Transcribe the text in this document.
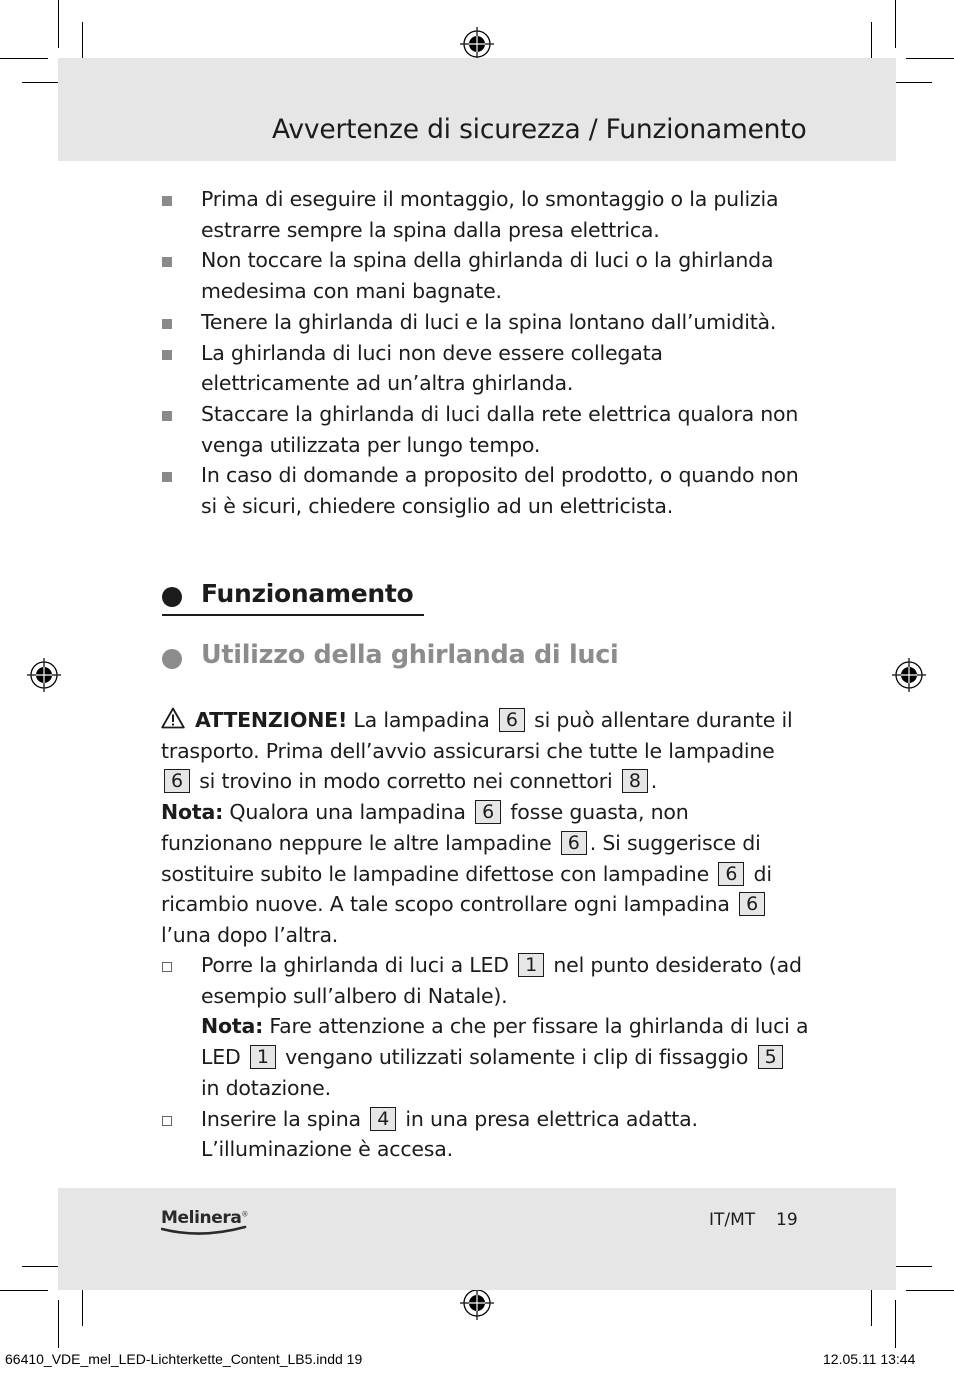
Avvertenze di sicurezza / Funzionamento
Prima di eseguire il montaggio, lo smontaggio o la pulizia estrarre sempre la spina dalla presa elettrica.
Non toccare la spina della ghirlanda di luci o la ghirlanda medesima con mani bagnate.
Tenere la ghirlanda di luci e la spina lontano dall’umidità.
La ghirlanda di luci non deve essere collegata elettricamente ad un’altra ghirlanda.
Staccare la ghirlanda di luci dalla rete elettrica qualora non venga utilizzata per lungo tempo.
In caso di domande a proposito del prodotto, o quando non si è sicuri, chiedere consiglio ad un elettricista.
Funzionamento
Utilizzo della ghirlanda di luci

ATTENZIONE! La lampadina 6 si può allentare durante il trasporto. Prima dell’avvio assicurarsi che tutte le lampadine 6 si trovino in modo corretto nei connettori 8 .

Nota: Qualora una lampadina 6 fosse guasta, non funzionano neppure le altre lampadine 6 . Si suggerisce di sostituire subito le lampadine difettose con lampadine 6 di ricambio nuove. A tale scopo controllare ogni lampadina 6 l’una dopo l’altra.

Porre la ghirlanda di luci a LED 1 nel punto desiderato (ad esempio sull’albero di Natale).
Nota: Fare attenzione a che per fissare la ghirlanda di luci a LED 1 vengano utilizzati solamente i clip di fissaggio 5 in dotazione.
Inserire la spina 4 in una presa elettrica adatta. L’illuminazione è accesa.
Melinera®	IT/MT 19
66410_VDE_mel_LED-Lichterkette_Content_LB5.indd 19	12.05.11 13:44
